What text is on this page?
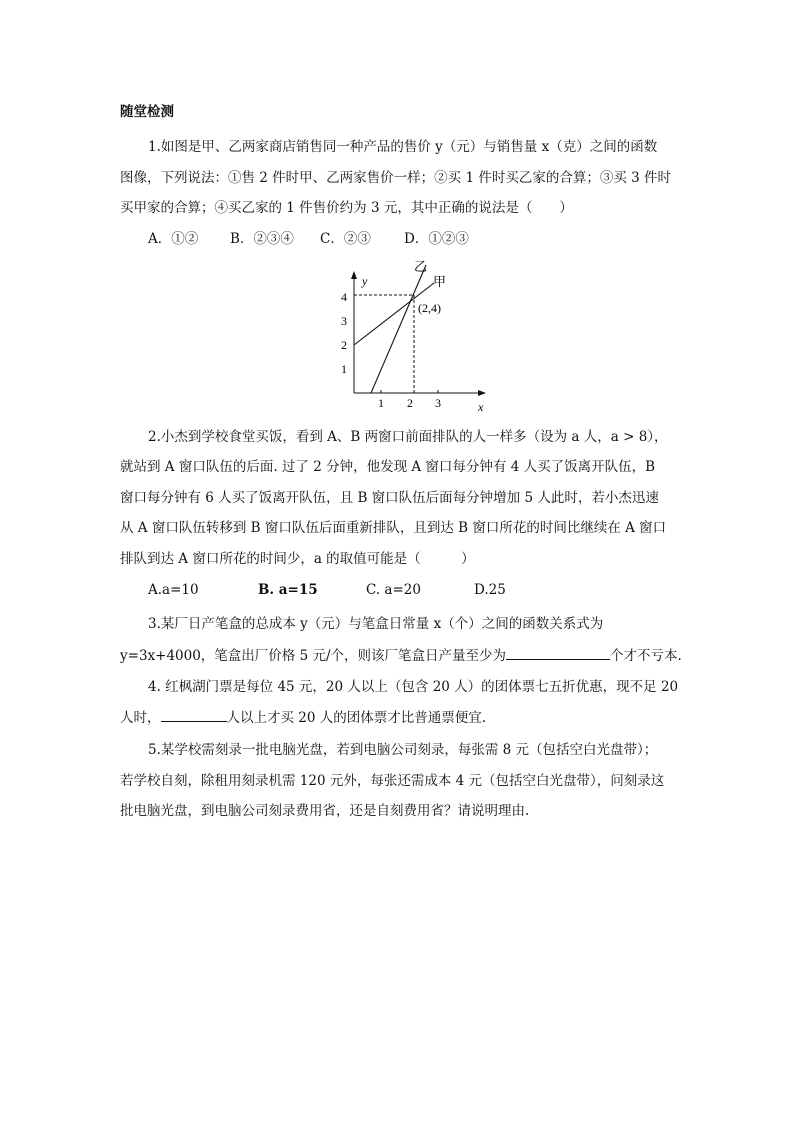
随堂检测
1.如图是甲、乙两家商店销售同一种产品的售价 y（元）与销售量 x（克）之间的函数
图像，下列说法：①售 2 件时甲、乙两家售价一样；②买 1 件时买乙家的合算；③买 3 件时
买甲家的合算；④买乙家的 1 件售价约为 3 元，其中正确的说法是（　　）
A．①② B．②③④ C．②③ D．①②③
1 2 3	x
1
2
3
4
y
乙
甲
(2,4)
2.小杰到学校食堂买饭，看到 A、B 两窗口前面排队的人一样多（设为 a 人，a > 8），
就站到 A 窗口队伍的后面. 过了 2 分钟，他发现 A 窗口每分钟有 4 人买了饭离开队伍，B
窗口每分钟有 6 人买了饭离开队伍，且 B 窗口队伍后面每分钟增加 5 人此时，若小杰迅速
从 A 窗口队伍转移到 B 窗口队伍后面重新排队，且到达 B 窗口所花的时间比继续在 A 窗口
排队到达 A 窗口所花的时间少，a 的取值可能是（　　　）
A.a=10	B. a=15	C. a=20	D.25
3.某厂日产笔盒的总成本 y（元）与笔盒日常量 x（个）之间的函数关系式为
y=3x+4000，笔盒出厂价格 5 元/个，则该厂笔盒日产量至少为	个才不亏本.
4. 红枫湖门票是每位 45 元，20 人以上（包含 20 人）的团体票七五折优惠，现不足 20
人时，	人以上才买 20 人的团体票才比普通票便宜.
5.某学校需刻录一批电脑光盘，若到电脑公司刻录，每张需 8 元（包括空白光盘带）；
若学校自刻，除租用刻录机需 120 元外，每张还需成本 4 元（包括空白光盘带），问刻录这
批电脑光盘，到电脑公司刻录费用省，还是自刻费用省？请说明理由.
